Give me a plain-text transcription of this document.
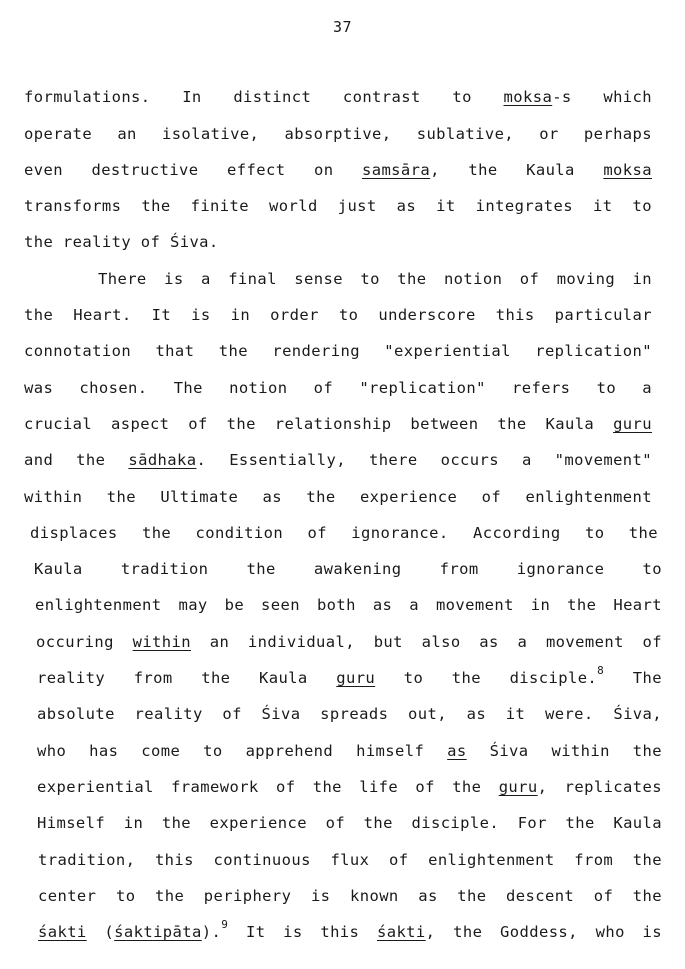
37
formulations. In distinct contrast to moksa-s which
operate an isolative, absorptive, sublative, or perhaps
even destructive effect on samsāra, the Kaula moksa
transforms the finite world just as it integrates it to
the reality of Śiva.
There is a final sense to the notion of moving in
the Heart. It is in order to underscore this particular
connotation that the rendering "experiential replication"
was chosen. The notion of "replication" refers to a
crucial aspect of the relationship between the Kaula guru
and the sādhaka. Essentially, there occurs a "movement"
within the Ultimate as the experience of enlightenment
displaces the condition of ignorance. According to the
Kaula tradition the awakening from ignorance to
enlightenment may be seen both as a movement in the Heart
occuring within an individual, but also as a movement of
reality from the Kaula guru to the disciple.$^8$ The
absolute reality of Śiva spreads out, as it were. Śiva,
who has come to apprehend himself as Śiva within the
experiential framework of the life of the guru, replicates
Himself in the experience of the disciple. For the Kaula
tradition, this continuous flux of enlightenment from the
center to the periphery is known as the descent of the
śakti (śaktipāta).$^9$ It is this śakti, the Goddess, who is
